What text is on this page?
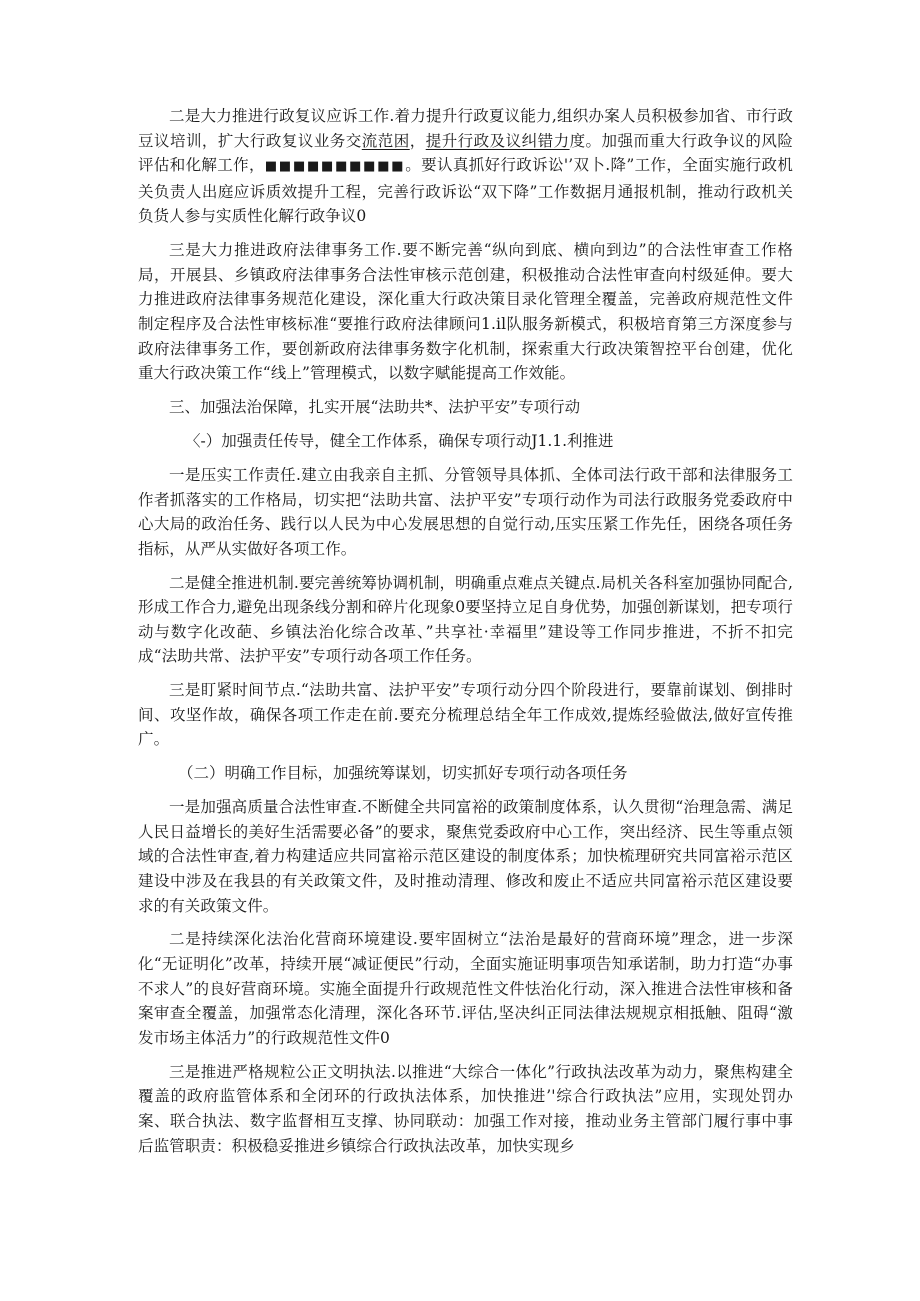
二是大力推进行政复议应诉工作.着力提升行政夏议能力,组织办案人员积极参加省、市行政豆议培训，扩大行政复议业务交流范困，提升行政及议纠错力度。加强而重大行政争议的风险评估和化解工作，■■■■■■■■■■。要认真抓好行政诉讼'’双卜.降”工作，全面实施行政机关负责人出庭应诉质效提升工程，完善行政诉讼“双下降”工作数据月通报机制，推动行政机关负货人参与实质性化解行政争议0

三是大力推进政府法律事务工作.要不断完善“纵向到底、横向到边”的合法性审查工作格局，开展县、乡镇政府法律事务合法性审核示范创建，积极推动合法性审查向村级延伸。要大力推进政府法律事务规范化建设，深化重大行政决策目录化管理全覆盖，完善政府规范性文件制定程序及合法性审核标准“要推行政府法律顾问1.il队服务新模式，积极培育第三方深度参与政府法律事务工作，要创新政府法律事务数字化机制，探索重大行政决策智控平台创建，优化重大行政决策工作“线上”管理模式，以数字赋能提高工作效能。

三、加强法治保障，扎实开展“法助共*、法护平安”专项行动

〈-）加强责任传导，健全工作体系，确保专项行动J1.1.利推进

一是压实工作责任.建立由我亲自主抓、分管领导具体抓、全体司法行政干部和法律服务工作者抓落实的工作格局，切实把“法助共富、法护平安”专项行动作为司法行政服务党委政府中心大局的政治任务、践行以人民为中心发展思想的自觉行动,压实压紧工作先任，困绕各项任务指标，从严从实做好各项工作。

二是健全推进机制.要完善统筹协调机制，明确重点难点关键点.局机关各科室加强协同配合,形成工作合力,避免出现条线分割和碎片化现象0要坚持立足自身优势，加强创新谋划，把专项行动与数字化改葩、乡镇法治化综合改革、”共享社·幸福里”建设等工作同步推进，不折不扣完成“法助共常、法护平安”专项行动各项工作任务。

三是盯紧时间节点.“法助共富、法护平安”专项行动分四个阶段进行，要靠前谋划、倒排时间、攻坚作故，确保各项工作走在前.要充分梳理总结全年工作成效,提炼经验做法,做好宣传推广。

（二）明确工作目标，加强统筹谋划，切实抓好专项行动各项任务

一是加强高质量合法性审查.不断健全共同富裕的政策制度体系，认久贯彻“治理急需、满足人民日益增长的美好生活需要必备”的要求，聚焦党委政府中心工作，突出经济、民生等重点领域的合法性审查,着力构建适应共同富裕示范区建设的制度体系；加快梳理研究共同富裕示范区建设中涉及在我县的有关政策文件，及时推动清理、修改和废止不适应共同富裕示范区建设要求的有关政策文件。

二是持续深化法治化营商环境建设.要牢固树立“法治是最好的营商环境”理念，进一步深化“无证明化”改革，持续开展“减证便民”行动，全面实施证明事项告知承诺制，助力打造“办事不求人”的良好营商环境。实施全面提升行政规范性文件怯治化行动，深入推进合法性审核和备案审查全覆盖，加强常态化清理，深化各环节.评估,坚决纠正同法律法规规京相抵触、阻碍“激发市场主体活力”的行政规范性文件0

三是推进严格规粒公正文明执法.以推进“大综合一体化”行政执法改革为动力，聚焦构建全覆盖的政府监管体系和全闭环的行政执法体系，加快推进’'综合行政执法”应用，实现处罚办案、联合执法、数字监督相互支撑、协同联动：加强工作对接，推动业务主管部门履行事中事后监管职责：积极稳妥推进乡镇综合行政执法改革，加快实现乡
